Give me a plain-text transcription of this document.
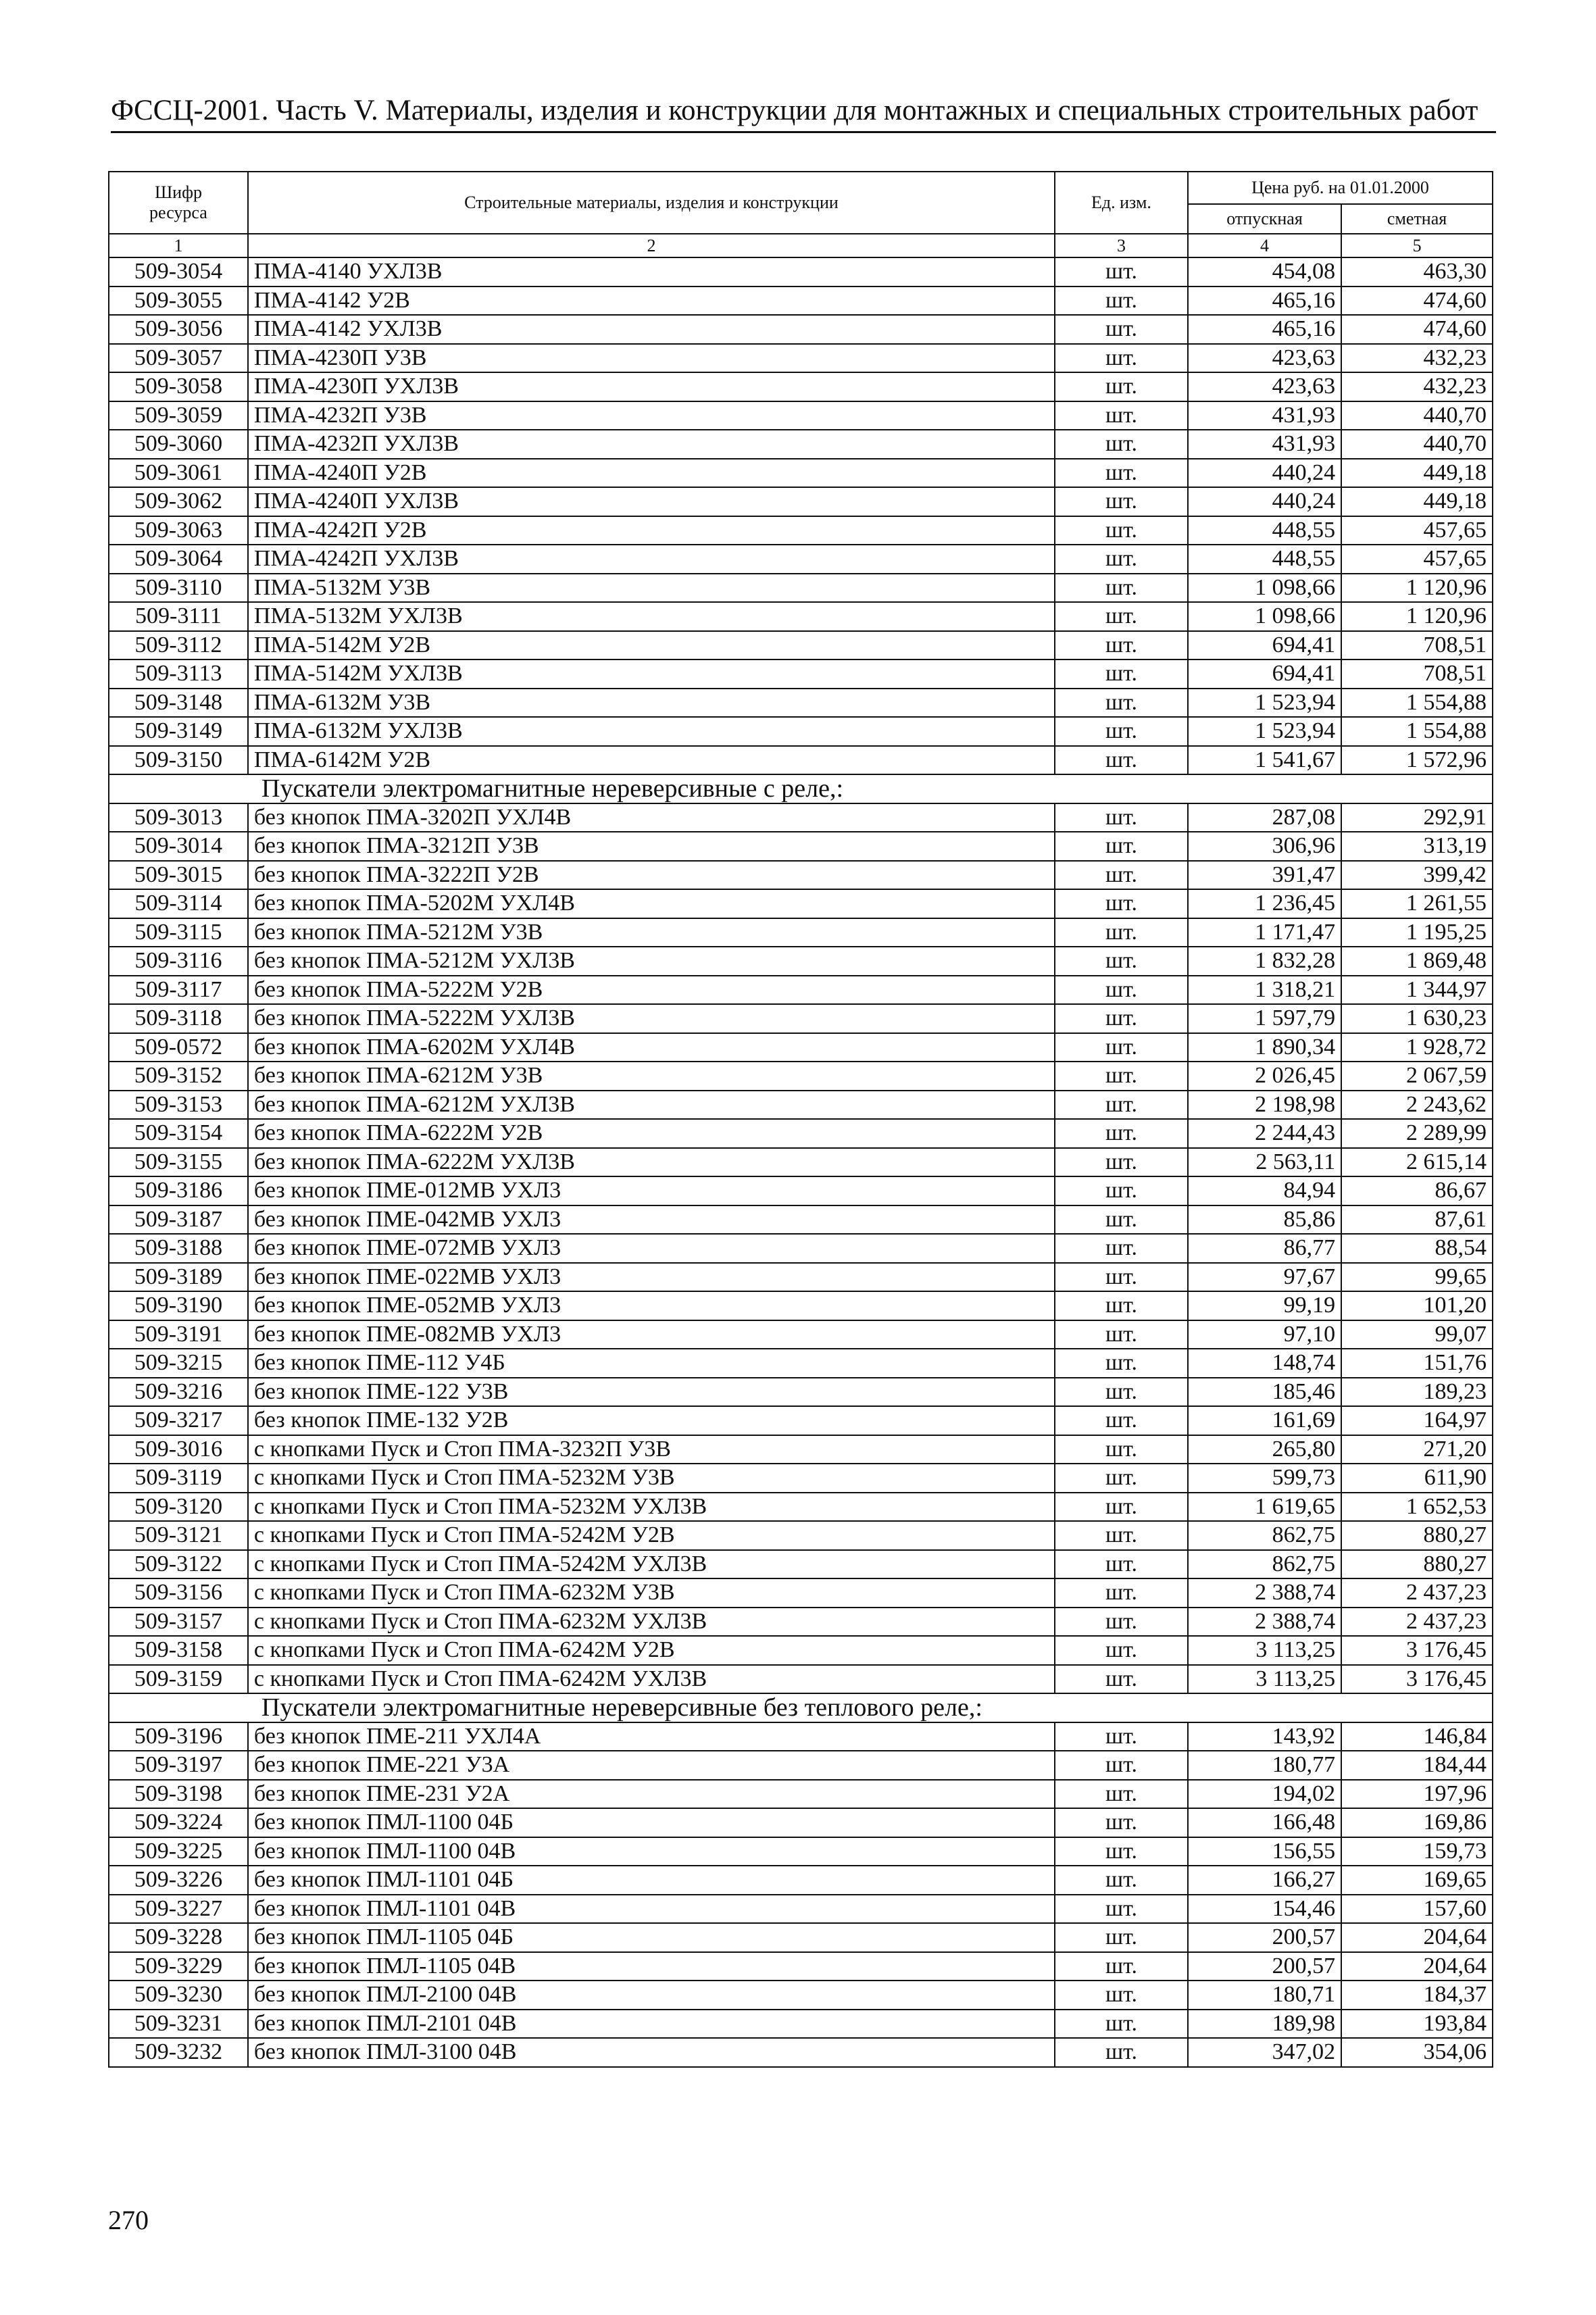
ФССЦ-2001. Часть V. Материалы, изделия и конструкции для монтажных и специальных строительных работ
Шифр ресурса	Строительные материалы, изделия и конструкции	Ед. изм.	Цена руб. на 01.01.2000	
			отпускная	сметная
1	2	3	4	5
509-3054	ПМА-4140 УХЛ3В	шт.	454,08	463,30
509-3055	ПМА-4142 У2В	шт.	465,16	474,60
509-3056	ПМА-4142 УХЛ3В	шт.	465,16	474,60
509-3057	ПМА-4230П У3В	шт.	423,63	432,23
509-3058	ПМА-4230П УХЛ3В	шт.	423,63	432,23
509-3059	ПМА-4232П У3В	шт.	431,93	440,70
509-3060	ПМА-4232П УХЛ3В	шт.	431,93	440,70
509-3061	ПМА-4240П У2В	шт.	440,24	449,18
509-3062	ПМА-4240П УХЛ3В	шт.	440,24	449,18
509-3063	ПМА-4242П У2В	шт.	448,55	457,65
509-3064	ПМА-4242П УХЛ3В	шт.	448,55	457,65
509-3110	ПМА-5132М У3В	шт.	1 098,66	1 120,96
509-3111	ПМА-5132М УХЛ3В	шт.	1 098,66	1 120,96
509-3112	ПМА-5142М У2В	шт.	694,41	708,51
509-3113	ПМА-5142М УХЛ3В	шт.	694,41	708,51
509-3148	ПМА-6132М У3В	шт.	1 523,94	1 554,88
509-3149	ПМА-6132М УХЛ3В	шт.	1 523,94	1 554,88
509-3150	ПМА-6142М У2В	шт.	1 541,67	1 572,96
Пускатели электромагнитные нереверсивные с реле,:				
509-3013	без кнопок ПМА-3202П УХЛ4В	шт.	287,08	292,91
509-3014	без кнопок ПМА-3212П У3В	шт.	306,96	313,19
509-3015	без кнопок ПМА-3222П У2В	шт.	391,47	399,42
509-3114	без кнопок ПМА-5202М УХЛ4В	шт.	1 236,45	1 261,55
509-3115	без кнопок ПМА-5212М У3В	шт.	1 171,47	1 195,25
509-3116	без кнопок ПМА-5212М УХЛ3В	шт.	1 832,28	1 869,48
509-3117	без кнопок ПМА-5222М У2В	шт.	1 318,21	1 344,97
509-3118	без кнопок ПМА-5222М УХЛ3В	шт.	1 597,79	1 630,23
509-0572	без кнопок ПМА-6202М УХЛ4В	шт.	1 890,34	1 928,72
509-3152	без кнопок ПМА-6212М У3В	шт.	2 026,45	2 067,59
509-3153	без кнопок ПМА-6212М УХЛ3В	шт.	2 198,98	2 243,62
509-3154	без кнопок ПМА-6222М У2В	шт.	2 244,43	2 289,99
509-3155	без кнопок ПМА-6222М УХЛ3В	шт.	2 563,11	2 615,14
509-3186	без кнопок ПМЕ-012МВ УХЛ3	шт.	84,94	86,67
509-3187	без кнопок ПМЕ-042МВ УХЛ3	шт.	85,86	87,61
509-3188	без кнопок ПМЕ-072МВ УХЛ3	шт.	86,77	88,54
509-3189	без кнопок ПМЕ-022МВ УХЛ3	шт.	97,67	99,65
509-3190	без кнопок ПМЕ-052МВ УХЛ3	шт.	99,19	101,20
509-3191	без кнопок ПМЕ-082МВ УХЛ3	шт.	97,10	99,07
509-3215	без кнопок ПМЕ-112 У4Б	шт.	148,74	151,76
509-3216	без кнопок ПМЕ-122 У3В	шт.	185,46	189,23
509-3217	без кнопок ПМЕ-132 У2В	шт.	161,69	164,97
509-3016	с кнопками Пуск и Стоп ПМА-3232П У3В	шт.	265,80	271,20
509-3119	с кнопками Пуск и Стоп ПМА-5232М У3В	шт.	599,73	611,90
509-3120	с кнопками Пуск и Стоп ПМА-5232М УХЛ3В	шт.	1 619,65	1 652,53
509-3121	с кнопками Пуск и Стоп ПМА-5242М У2В	шт.	862,75	880,27
509-3122	с кнопками Пуск и Стоп ПМА-5242М УХЛ3В	шт.	862,75	880,27
509-3156	с кнопками Пуск и Стоп ПМА-6232М У3В	шт.	2 388,74	2 437,23
509-3157	с кнопками Пуск и Стоп ПМА-6232М УХЛ3В	шт.	2 388,74	2 437,23
509-3158	с кнопками Пуск и Стоп ПМА-6242М У2В	шт.	3 113,25	3 176,45
509-3159	с кнопками Пуск и Стоп ПМА-6242М УХЛ3В	шт.	3 113,25	3 176,45
Пускатели электромагнитные нереверсивные без теплового реле,:				
509-3196	без кнопок ПМЕ-211 УХЛ4А	шт.	143,92	146,84
509-3197	без кнопок ПМЕ-221 У3А	шт.	180,77	184,44
509-3198	без кнопок ПМЕ-231 У2А	шт.	194,02	197,96
509-3224	без кнопок ПМЛ-1100 04Б	шт.	166,48	169,86
509-3225	без кнопок ПМЛ-1100 04В	шт.	156,55	159,73
509-3226	без кнопок ПМЛ-1101 04Б	шт.	166,27	169,65
509-3227	без кнопок ПМЛ-1101 04В	шт.	154,46	157,60
509-3228	без кнопок ПМЛ-1105 04Б	шт.	200,57	204,64
509-3229	без кнопок ПМЛ-1105 04В	шт.	200,57	204,64
509-3230	без кнопок ПМЛ-2100 04В	шт.	180,71	184,37
509-3231	без кнопок ПМЛ-2101 04В	шт.	189,98	193,84
509-3232	без кнопок ПМЛ-3100 04В	шт.	347,02	354,06
270
